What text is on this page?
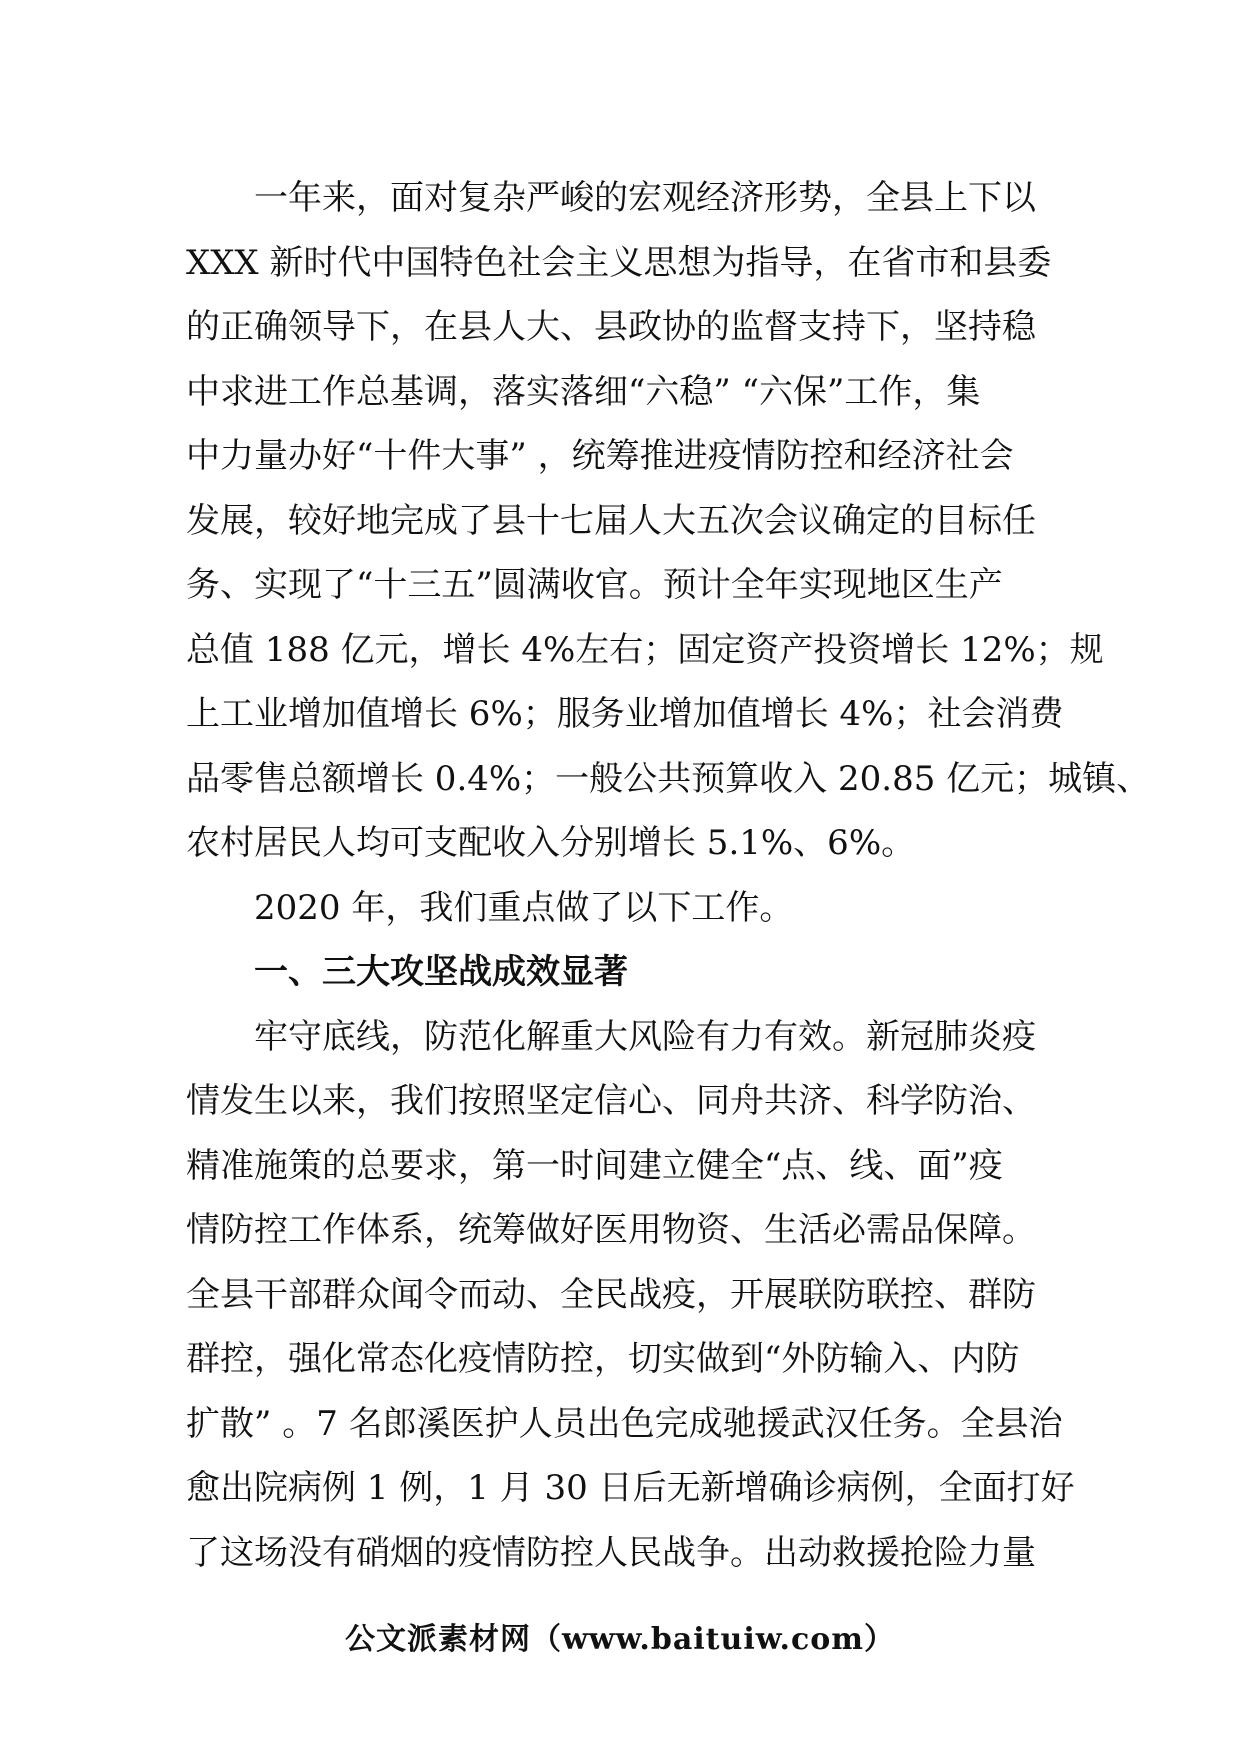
一年来，面对复杂严峻的宏观经济形势，全县上下以
XXX 新时代中国特色社会主义思想为指导，在省市和县委
的正确领导下，在县人大、县政协的监督支持下，坚持稳
中求进工作总基调，落实落细“六稳” “六保”工作，集
中力量办好“十件大事” ，统筹推进疫情防控和经济社会
发展，较好地完成了县十七届人大五次会议确定的目标任
务、实现了“十三五”圆满收官。预计全年实现地区生产
总值 188 亿元，增长 4%左右；固定资产投资增长 12%；规
上工业增加值增长 6%；服务业增加值增长 4%；社会消费
品零售总额增长 0.4%；一般公共预算收入 20.85 亿元；城镇、
农村居民人均可支配收入分别增长 5.1%、6%。
2020 年，我们重点做了以下工作。
一、三大攻坚战成效显著
牢守底线，防范化解重大风险有力有效。新冠肺炎疫
情发生以来，我们按照坚定信心、同舟共济、科学防治、
精准施策的总要求，第一时间建立健全“点、线、面”疫
情防控工作体系，统筹做好医用物资、生活必需品保障。
全县干部群众闻令而动、全民战疫，开展联防联控、群防
群控，强化常态化疫情防控，切实做到“外防输入、内防
扩散” 。7 名郎溪医护人员出色完成驰援武汉任务。全县治
愈出院病例 1 例，1 月 30 日后无新增确诊病例，全面打好
了这场没有硝烟的疫情防控人民战争。出动救援抢险力量
公文派素材网（www.baituiw.com）
